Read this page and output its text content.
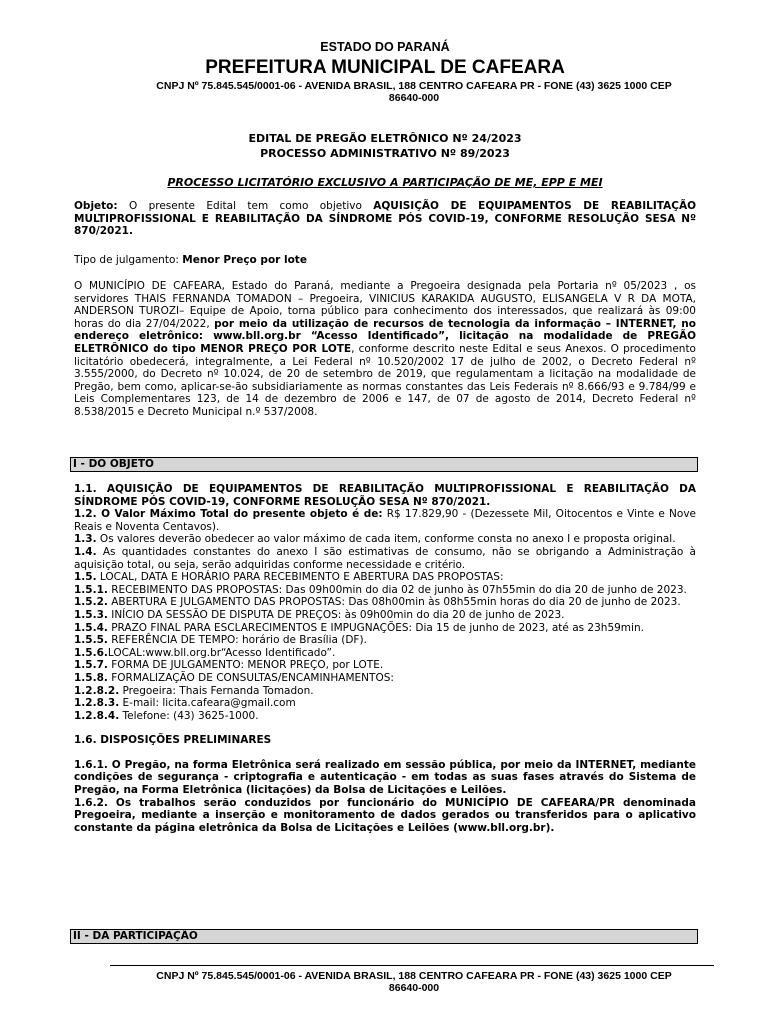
ESTADO DO PARANÁ
PREFEITURA MUNICIPAL DE CAFEARA
CNPJ Nº 75.845.545/0001-06 - AVENIDA BRASIL, 188 CENTRO CAFEARA PR - FONE (43) 3625 1000 CEP
86640-000
EDITAL DE PREGÃO ELETRÔNICO Nº 24/2023
PROCESSO ADMINISTRATIVO Nº 89/2023
PROCESSO LICITATÓRIO EXCLUSIVO A PARTICIPAÇÃO DE ME, EPP E MEI

Objeto: O presente Edital tem como objetivo AQUISIÇÃO DE EQUIPAMENTOS DE REABILITAÇÃO MULTIPROFISSIONAL E REABILITAÇÃO DA SÍNDROME PÓS COVID-19, CONFORME RESOLUÇÃO SESA Nº 870/2021.

Tipo de julgamento: Menor Preço por lote

O MUNICÍPIO DE CAFEARA, Estado do Paraná, mediante a Pregoeira designada pela Portaria nº 05/2023 , os servidores THAIS FERNANDA TOMADON – Pregoeira, VINICIUS KARAKIDA AUGUSTO, ELISANGELA V R DA MOTA, ANDERSON TUROZI– Equipe de Apoio, torna público para conhecimento dos interessados, que realizará às 09:00 horas do dia 27/04/2022, por meio da utilização de recursos de tecnologia da informação – INTERNET, no endereço eletrônico: www.bll.org.br “Acesso Identificado”, licitação na modalidade de PREGÃO ELETRÔNICO do tipo MENOR PREÇO POR LOTE, conforme descrito neste Edital e seus Anexos. O procedimento licitatório obedecerá, integralmente, a Lei Federal nº 10.520/2002 17 de julho de 2002, o Decreto Federal nº 3.555/2000, do Decreto nº 10.024, de 20 de setembro de 2019, que regulamentam a licitação na modalidade de Pregão, bem como, aplicar-se-ão subsidiariamente as normas constantes das Leis Federais nº 8.666/93 e 9.784/99 e Leis Complementares 123, de 14 de dezembro de 2006 e 147, de 07 de agosto de 2014, Decreto Federal nº 8.538/2015 e Decreto Municipal n.º 537/2008.

I - DO OBJETO

1.1. AQUISIÇÃO DE EQUIPAMENTOS DE REABILITAÇÃO MULTIPROFISSIONAL E REABILITAÇÃO DA SÍNDROME PÓS COVID-19, CONFORME RESOLUÇÃO SESA Nº 870/2021.

1.2. O Valor Máximo Total do presente objeto é de: R$ 17.829,90 - (Dezessete Mil, Oitocentos e Vinte e Nove Reais e Noventa Centavos).

1.3. Os valores deverão obedecer ao valor máximo de cada item, conforme consta no anexo I e proposta original.

1.4. As quantidades constantes do anexo I são estimativas de consumo, não se obrigando a Administração à aquisição total, ou seja, serão adquiridas conforme necessidade e critério.

1.5. LOCAL, DATA E HORÁRIO PARA RECEBIMENTO E ABERTURA DAS PROPOSTAS:

1.5.1. RECEBIMENTO DAS PROPOSTAS: Das 09h00min do dia 02 de junho às 07h55min do dia 20 de junho de 2023.

1.5.2. ABERTURA E JULGAMENTO DAS PROPOSTAS: Das 08h00min às 08h55min horas do dia 20 de junho de 2023.

1.5.3. INÍCIO DA SESSÃO DE DISPUTA DE PREÇOS: às 09h00min do dia 20 de junho de 2023.

1.5.4. PRAZO FINAL PARA ESCLARECIMENTOS E IMPUGNAÇÕES: Dia 15 de junho de 2023, até as 23h59min.

1.5.5. REFERÊNCIA DE TEMPO: horário de Brasília (DF).

1.5.6.LOCAL:www.bll.org.br“Acesso Identificado”.

1.5.7. FORMA DE JULGAMENTO: MENOR PREÇO, por LOTE.

1.5.8. FORMALIZAÇÃO DE CONSULTAS/ENCAMINHAMENTOS:

1.2.8.2. Pregoeira: Thais Fernanda Tomadon.

1.2.8.3. E-mail: licita.cafeara@gmail.com

1.2.8.4. Telefone: (43) 3625-1000.

1.6. DISPOSIÇÕES PRELIMINARES

1.6.1. O Pregão, na forma Eletrônica será realizado em sessão pública, por meio da INTERNET, mediante condições de segurança - criptografia e autenticação - em todas as suas fases através do Sistema de Pregão, na Forma Eletrônica (licitações) da Bolsa de Licitações e Leilões.

1.6.2. Os trabalhos serão conduzidos por funcionário do MUNICÍPIO DE CAFEARA/PR denominada Pregoeira, mediante a inserção e monitoramento de dados gerados ou transferidos para o aplicativo constante da página eletrônica da Bolsa de Licitações e Leilões (www.bll.org.br).

II - DA PARTICIPAÇÃO
CNPJ Nº 75.845.545/0001-06 - AVENIDA BRASIL, 188 CENTRO CAFEARA PR - FONE (43) 3625 1000 CEP
86640-000
